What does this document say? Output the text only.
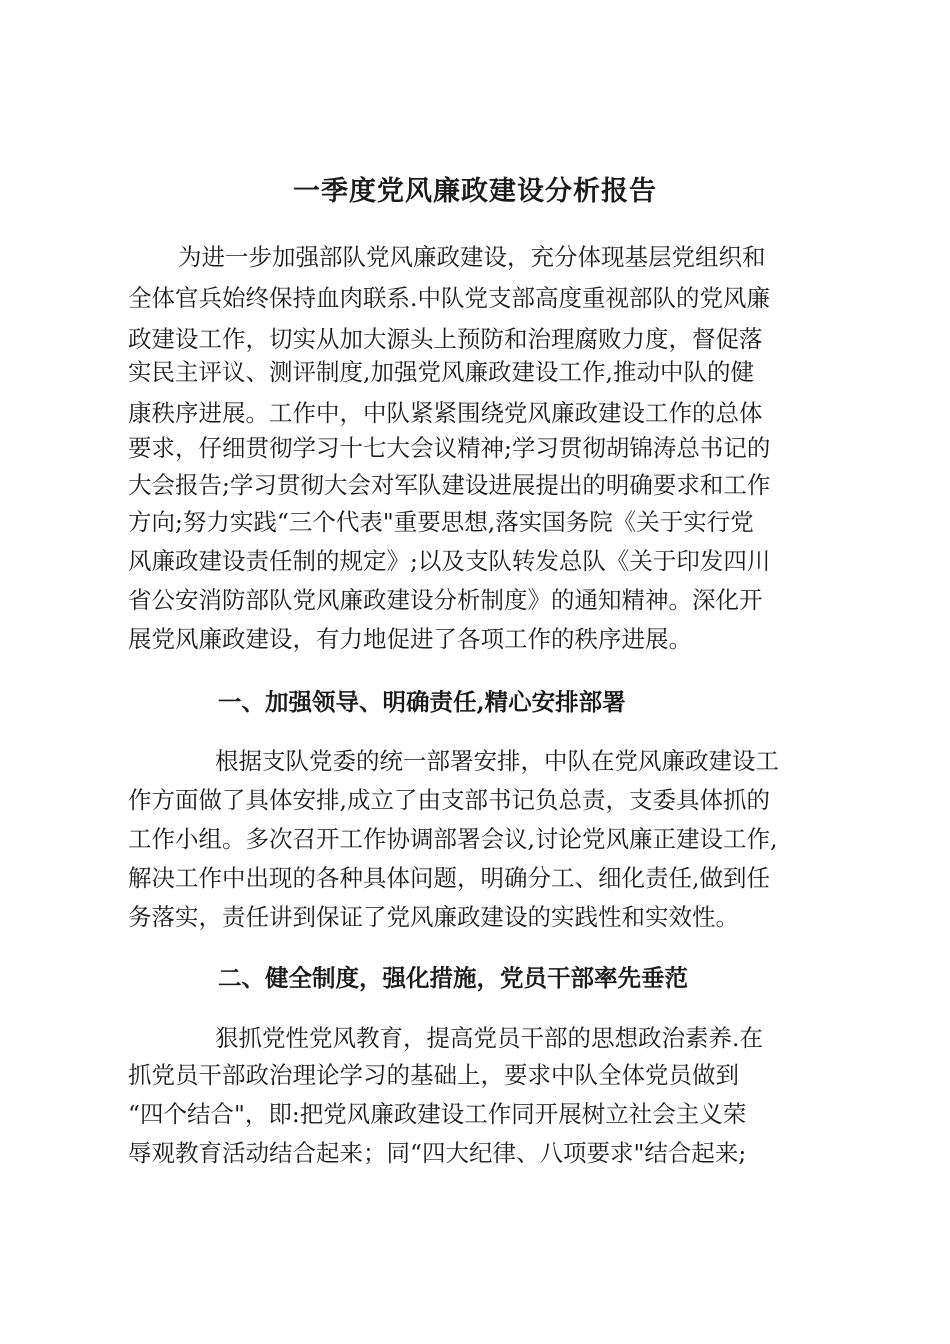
一季度党风廉政建设分析报告

为进一步加强部队党风廉政建设，充分体现基层党组织和

全体官兵始终保持血肉联系.中队党支部高度重视部队的党风廉

政建设工作，切实从加大源头上预防和治理腐败力度，督促落

实民主评议、测评制度,加强党风廉政建设工作,推动中队的健

康秩序进展。工作中，中队紧紧围绕党风廉政建设工作的总体

要求，仔细贯彻学习十七大会议精神;学习贯彻胡锦涛总书记的

大会报告;学习贯彻大会对军队建设进展提出的明确要求和工作

方向;努力实践“三个代表"重要思想,落实国务院《关于实行党

风廉政建设责任制的规定》;以及支队转发总队《关于印发四川

省公安消防部队党风廉政建设分析制度》的通知精神。深化开

展党风廉政建设，有力地促进了各项工作的秩序进展。

一、加强领导、明确责任,精心安排部署

根据支队党委的统一部署安排，中队在党风廉政建设工

作方面做了具体安排,成立了由支部书记负总责，支委具体抓的

工作小组。多次召开工作协调部署会议,讨论党风廉正建设工作,

解决工作中出现的各种具体问题，明确分工、细化责任,做到任

务落实，责任讲到保证了党风廉政建设的实践性和实效性。

二、健全制度，强化措施，党员干部率先垂范

狠抓党性党风教育，提高党员干部的思想政治素养.在

抓党员干部政治理论学习的基础上，要求中队全体党员做到

“四个结合"，即:把党风廉政建设工作同开展树立社会主义荣

辱观教育活动结合起来；同“四大纪律、八项要求"结合起来;
